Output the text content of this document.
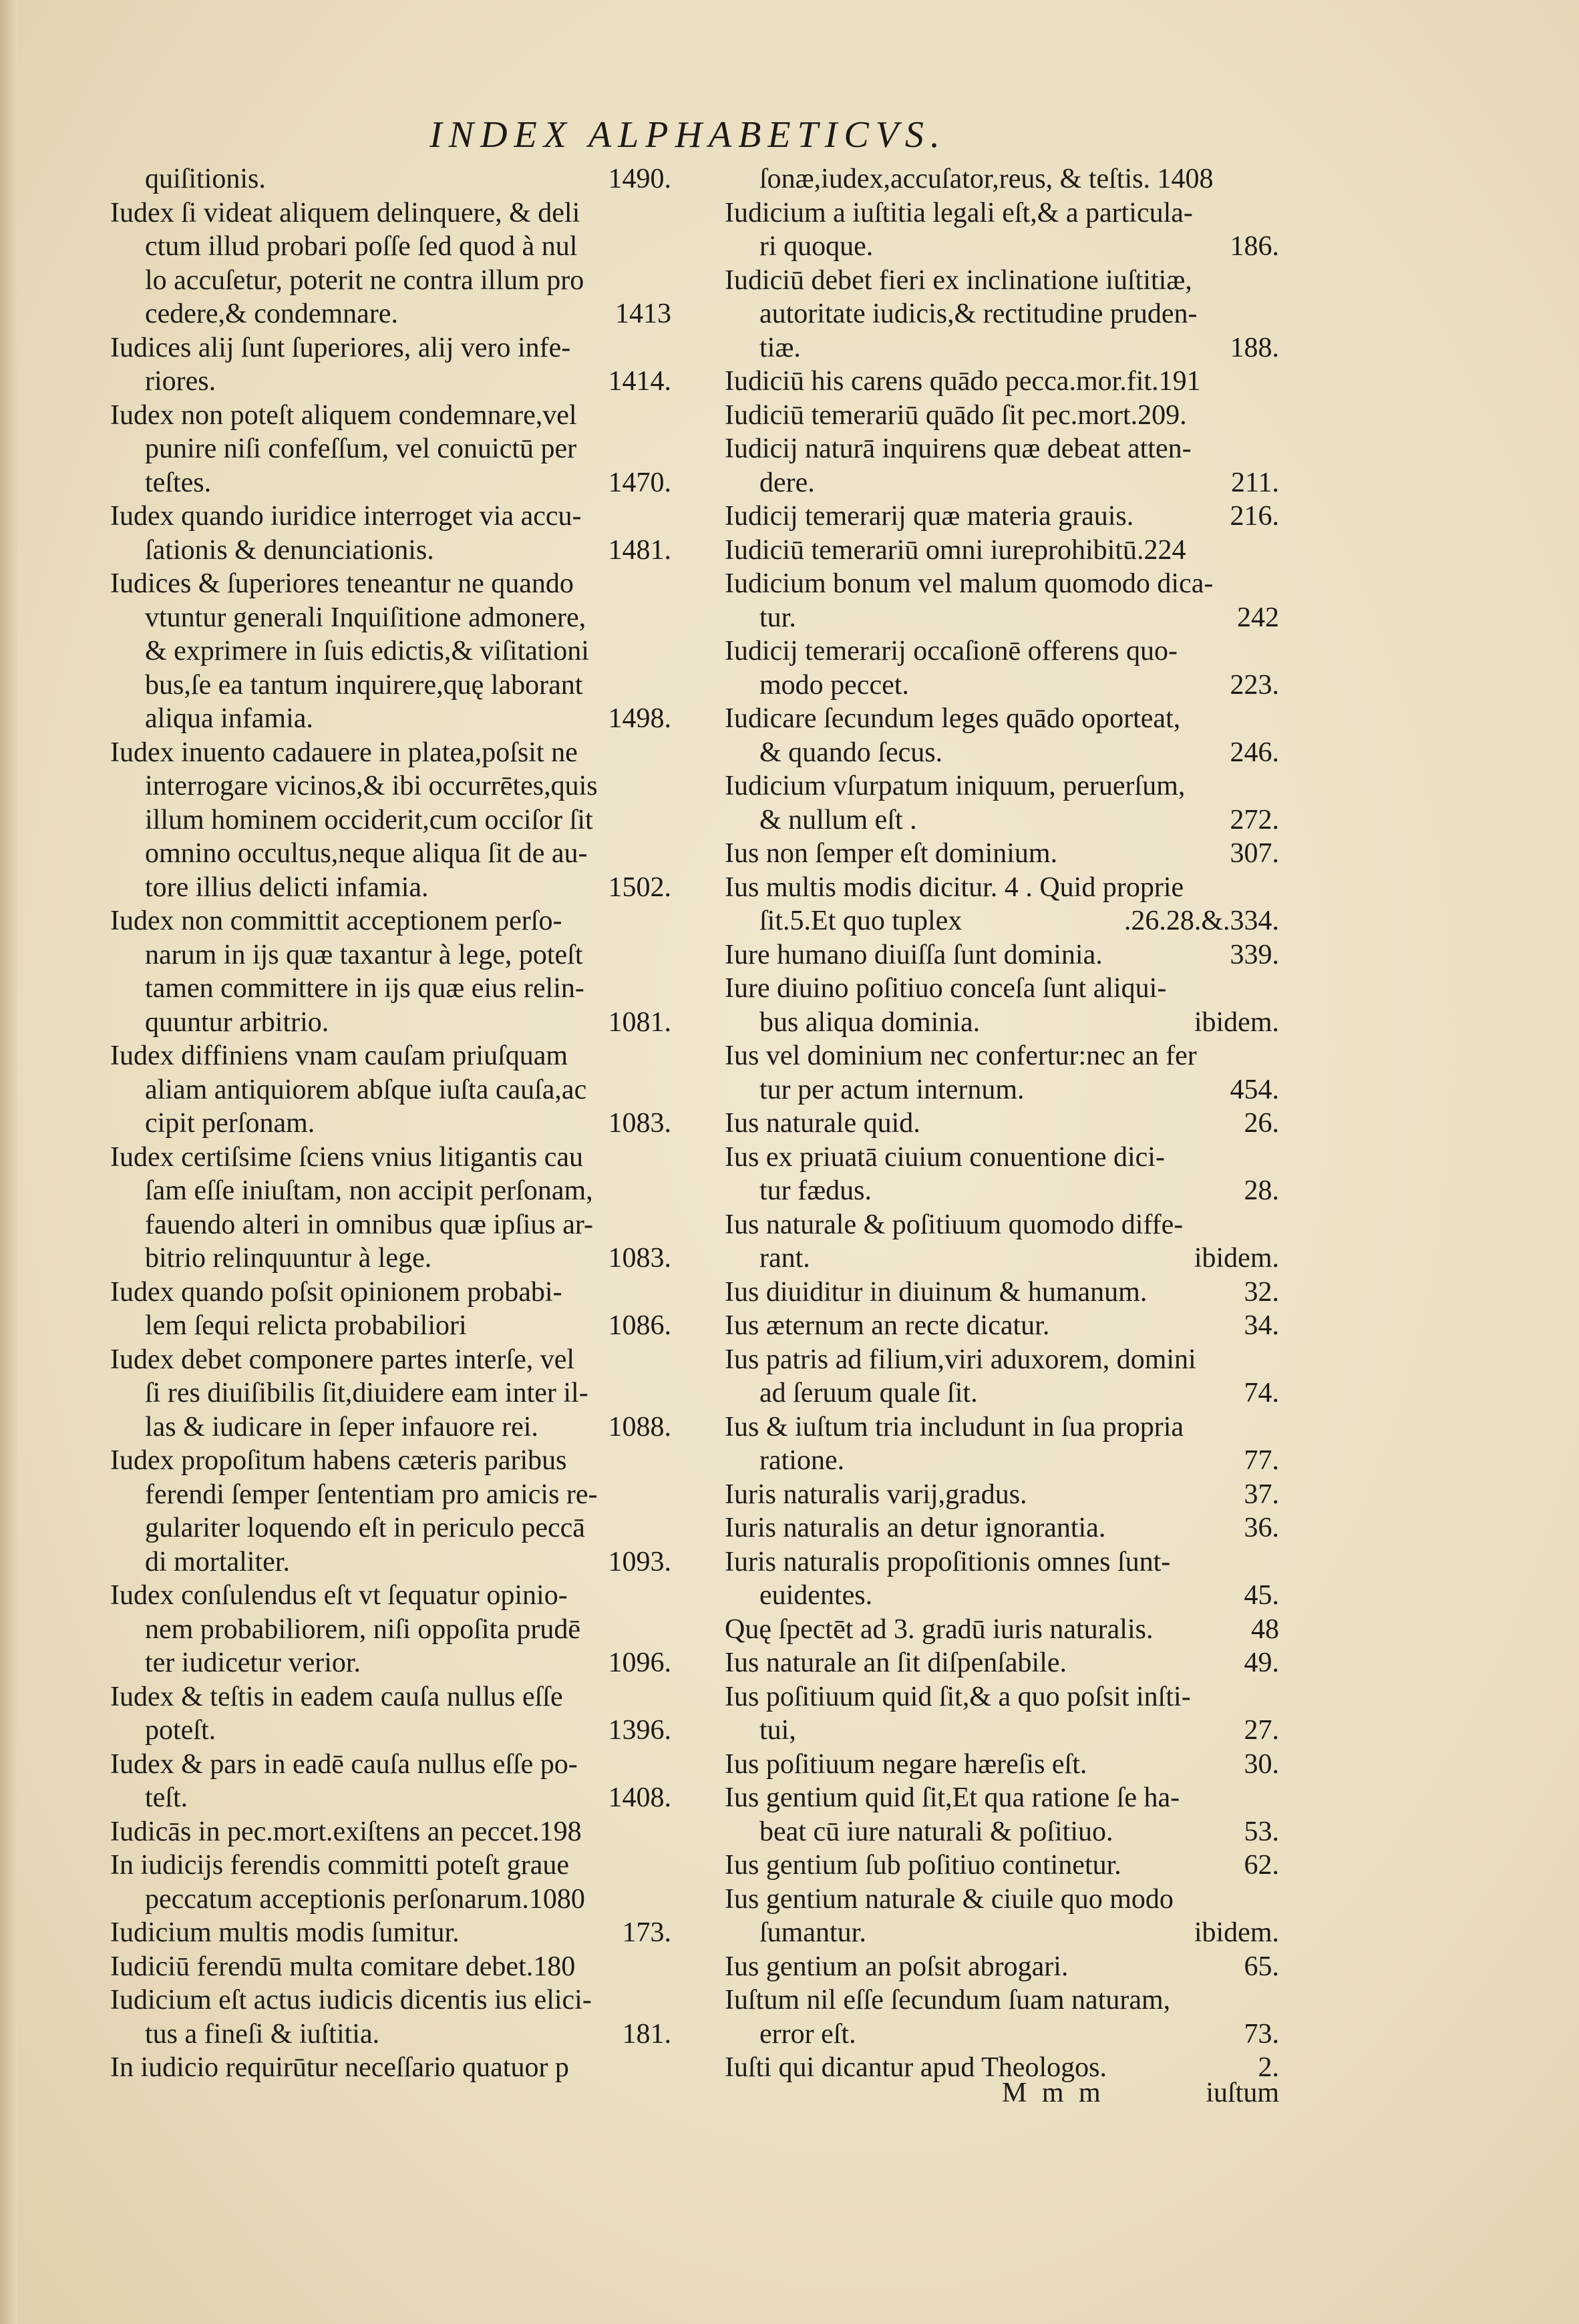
INDEX ALPHABETICVS.
quiſitionis.	1490.
Iudex ſi videat aliquem delinquere, & deli
ctum illud probari poſſe ſed quod à nul
lo accuſetur, poterit ne contra illum pro
cedere,& condemnare.	1413
Iudices alij ſunt ſuperiores, alij vero infe-
riores.	1414.
Iudex non poteſt aliquem condemnare,vel
punire niſi confeſſum, vel conuictū per
teſtes.	1470.
Iudex quando iuridice interroget via accu-
ſationis & denunciationis.	1481.
Iudices & ſuperiores teneantur ne quando
vtuntur generali Inquiſitione admonere,
& exprimere in ſuis edictis,& viſitationi
bus,ſe ea tantum inquirere,quę laborant
aliqua infamia.	1498.
Iudex inuento cadauere in platea,poſsit ne
interrogare vicinos,& ibi occurrētes,quis
illum hominem occiderit,cum occiſor ſit
omnino occultus,neque aliqua ſit de au-
tore illius delicti infamia.	1502.
Iudex non committit acceptionem perſo-
narum in ijs quæ taxantur à lege, poteſt
tamen committere in ijs quæ eius relin-
quuntur arbitrio.	1081.
Iudex diffiniens vnam cauſam priuſquam
aliam antiquiorem abſque iuſta cauſa,ac
cipit perſonam.	1083.
Iudex certiſsime ſciens vnius litigantis cau
ſam eſſe iniuſtam, non accipit perſonam,
fauendo alteri in omnibus quæ ipſius ar-
bitrio relinquuntur à lege.	1083.
Iudex quando poſsit opinionem probabi-
lem ſequi relicta probabiliori	1086.
Iudex debet componere partes interſe, vel
ſi res diuiſibilis ſit,diuidere eam inter il-
las & iudicare in ſeper infauore rei. 1088.
Iudex propoſitum habens cæteris paribus
ferendi ſemper ſententiam pro amicis re-
gulariter loquendo eſt in periculo peccā
di mortaliter.	1093.
Iudex conſulendus eſt vt ſequatur opinio-
nem probabiliorem, niſi oppoſita prudē
ter iudicetur verior.	1096.
Iudex & teſtis in eadem cauſa nullus eſſe
poteſt.	1396.
Iudex & pars in eadē cauſa nullus eſſe po-
teſt.	1408.
Iudicās in pec.mort.exiſtens an peccet.198
In iudicijs ferendis committi poteſt graue
peccatum acceptionis perſonarum.1080
Iudicium multis modis ſumitur.	173.
Iudiciū ferendū multa comitare debet.180
Iudicium eſt actus iudicis dicentis ius elici-
tus a fineſi & iuſtitia.	181.
In iudicio requirūtur neceſſario quatuor p
ſonæ,iudex,accuſator,reus, & teſtis. 1408
Iudicium a iuſtitia legali eſt,& a particula-
ri quoque.	186.
Iudiciū debet fieri ex inclinatione iuſtitiæ,
autoritate iudicis,& rectitudine pruden-
tiæ.	188.
Iudiciū his carens quādo pecca.mor.fit.191
Iudiciū temerariū quādo ſit pec.mort.209.
Iudicij naturā inquirens quæ debeat atten-
dere.	211.
Iudicij temerarij quæ materia grauis.	216.
Iudiciū temerariū omni iureprohibitū.224
Iudicium bonum vel malum quomodo dica-
tur.	242
Iudicij temerarij occaſionē offerens quo-
modo peccet.	223.
Iudicare ſecundum leges quādo oporteat,
& quando ſecus.	246.
Iudicium vſurpatum iniquum, peruerſum,
& nullum eſt .	272.
Ius non ſemper eſt dominium.	307.
Ius multis modis dicitur. 4 . Quid proprie
ſit.5.Et quo tuplex	.26.28.&.334.
Iure humano diuiſſa ſunt dominia.	339.
Iure diuino poſitiuo conceſa ſunt aliqui-
bus aliqua dominia.	ibidem.
Ius vel dominium nec confertur:nec an fer
tur per actum internum.	454.
Ius naturale quid.	26.
Ius ex priuatā ciuium conuentione dici-
tur fædus.	28.
Ius naturale & poſitiuum quomodo diffe-
rant.	ibidem.
Ius diuiditur in diuinum & humanum.	32.
Ius æternum an recte dicatur.	34.
Ius patris ad filium,viri aduxorem, domini
ad ſeruum quale ſit.	74.
Ius & iuſtum tria includunt in ſua propria
ratione.	77.
Iuris naturalis varij,gradus.	37.
Iuris naturalis an detur ignorantia.	36.
Iuris naturalis propoſitionis omnes ſunt-
euidentes.	45.
Quę ſpectēt ad 3. gradū iuris naturalis.	48
Ius naturale an ſit diſpenſabile.	49.
Ius poſitiuum quid ſit,& a quo poſsit inſti-
tui,	27.
Ius poſitiuum negare hæreſis eſt.	30.
Ius gentium quid ſit,Et qua ratione ſe ha-
beat cū iure naturali & poſitiuo.	53.
Ius gentium ſub poſitiuo continetur.	62.
Ius gentium naturale & ciuile quo modo
ſumantur.	ibidem.
Ius gentium an poſsit abrogari.	65.
Iuſtum nil eſſe ſecundum ſuam naturam,
error eſt.	73.
Iuſti qui dicantur apud Theologos.	2.
M m m	iuſtum
